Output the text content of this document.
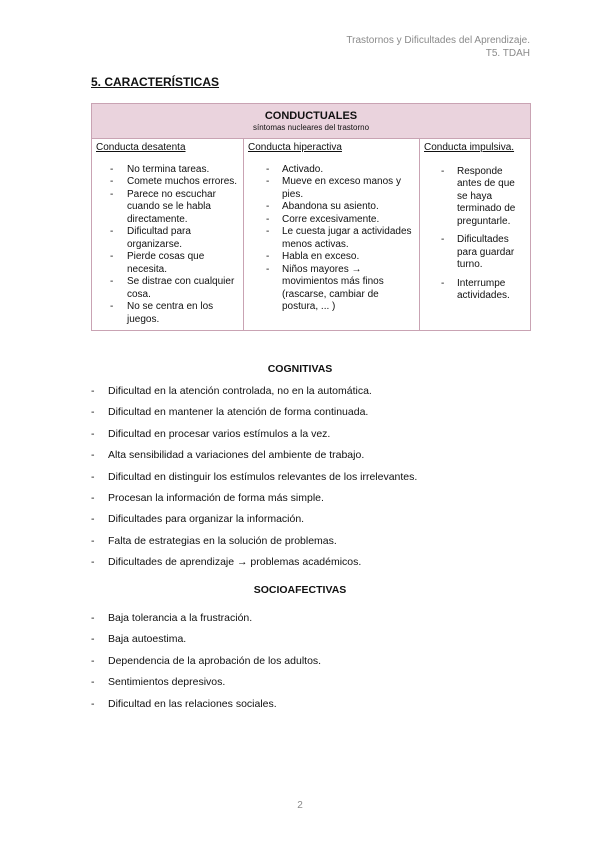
Trastornos y Dificultades del Aprendizaje.
T5. TDAH
5. CARACTERÍSTICAS
CONDUCTUALES
síntomas nucleares del trastorno
Conducta desatenta
- No termina tareas.
- Comete muchos errores.
- Parece no escuchar cuando se le habla directamente.
- Dificultad para organizarse.
- Pierde cosas que necesita.
- Se distrae con cualquier cosa.
- No se centra en los juegos.
Conducta hiperactiva
- Activado.
- Mueve en exceso manos y pies.
- Abandona su asiento.
- Corre excesivamente.
- Le cuesta jugar a actividades menos activas.
- Habla en exceso.
- Niños mayores → movimientos más finos (rascarse, cambiar de postura, ... )
Conducta impulsiva.
- Responde antes de que se haya terminado de preguntarle.
- Dificultades para guardar turno.
- Interrumpe actividades.
COGNITIVAS
- Dificultad en la atención controlada, no en la automática.
- Dificultad en mantener la atención de forma continuada.
- Dificultad en procesar varios estímulos a la vez.
- Alta sensibilidad a variaciones del ambiente de trabajo.
- Dificultad en distinguir los estímulos relevantes de los irrelevantes.
- Procesan la información de forma más simple.
- Dificultades para organizar la información.
- Falta de estrategias en la solución de problemas.
- Dificultades de aprendizaje → problemas académicos.
SOCIOAFECTIVAS
- Baja tolerancia a la frustración.
- Baja autoestima.
- Dependencia de la aprobación de los adultos.
- Sentimientos depresivos.
- Dificultad en las relaciones sociales.
2
